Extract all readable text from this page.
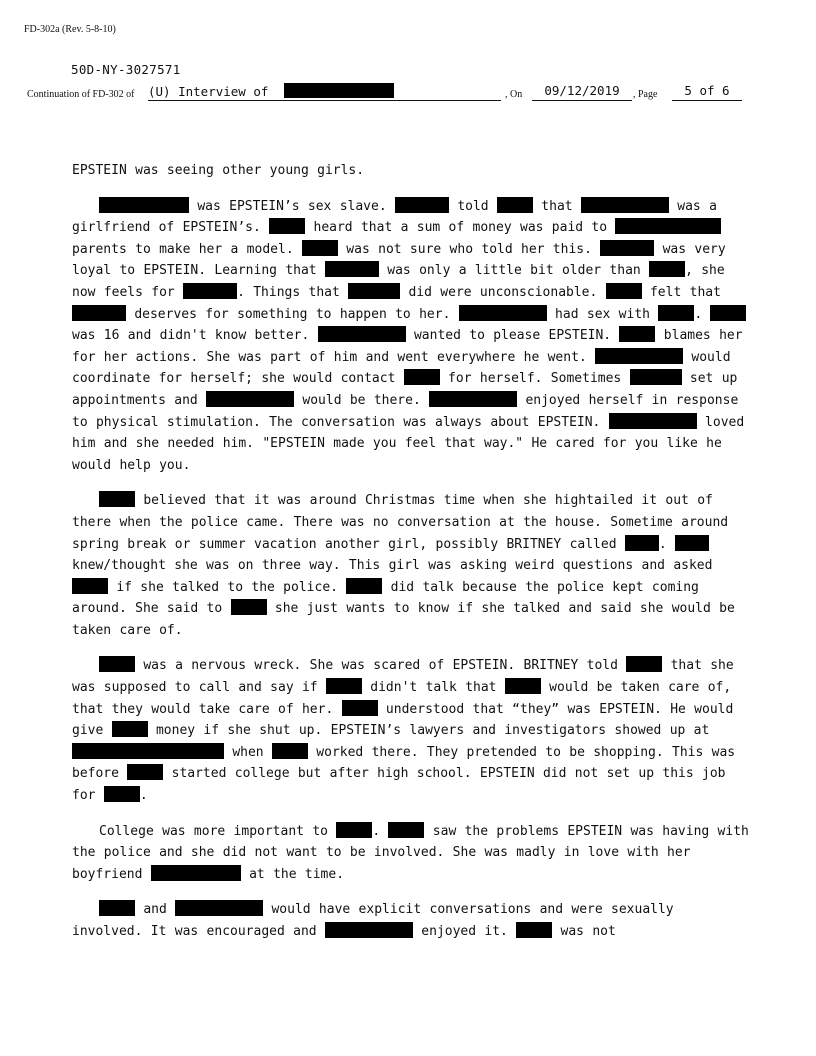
FD-302a (Rev. 5-8-10)
50D-NY-3027571
Continuation of FD-302 of (U) Interview of	, On	09/12/2019	, Page	5 of 6

EPSTEIN was seeing other young girls.

was EPSTEIN’s sex slave.	told	that	was a girlfriend of EPSTEIN’s.	heard that a sum of money was paid to  parents to make her a model.	was not sure who told her this.	was very loyal to EPSTEIN. Learning that	was only a little bit older than	, she now feels for	. Things that	did were unconscionable.	felt that  deserves for something to happen to her.	had sex with	.  was 16 and didn't know better.	wanted to please EPSTEIN.	blames her for her actions. She was part of him and went everywhere he went.	would coordinate for herself; she would contact	for herself. Sometimes	set up appointments and	would be there.	enjoyed herself in response to physical stimulation. The conversation was always about EPSTEIN.	loved him and she needed him. "EPSTEIN made you feel that way." He cared for you like he would help you.

believed that it was around Christmas time when she hightailed it out of there when the police came. There was no conversation at the house. Sometime around spring break or summer vacation another girl, possibly BRITNEY called	.  knew/thought she was on three way. This girl was asking weird questions and asked  if she talked to the police.	did talk because the police kept coming around. She said to	she just wants to know if she talked and said she would be taken care of.

was a nervous wreck. She was scared of EPSTEIN. BRITNEY told	that she was supposed to call and say if	didn't talk that	would be taken care of, that they would take care of her.	understood that “they” was EPSTEIN. He would give	money if she shut up. EPSTEIN’s lawyers and investigators showed up at  when	worked there. They pretended to be shopping. This was before	started college but after high school. EPSTEIN did not set up this job for	.

College was more important to	.	saw the problems EPSTEIN was having with the police and she did not want to be involved. She was madly in love with her boyfriend	at the time.

and	would have explicit conversations and were sexually involved. It was encouraged and	enjoyed it.	was not
